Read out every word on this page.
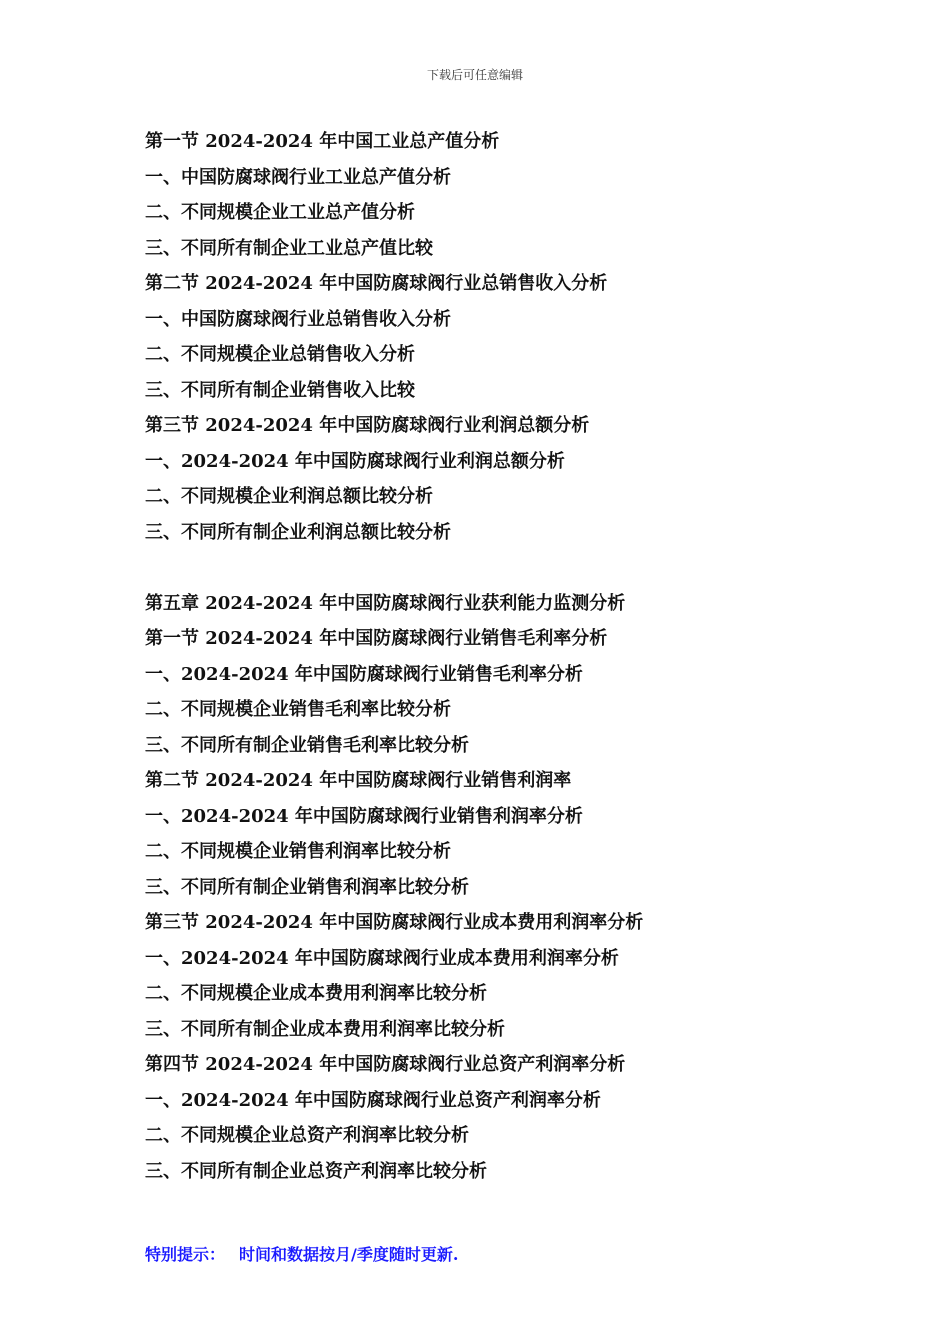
下载后可任意编辑
第一节 2024-2024 年中国工业总产值分析
一、中国防腐球阀行业工业总产值分析
二、不同规模企业工业总产值分析
三、不同所有制企业工业总产值比较
第二节 2024-2024 年中国防腐球阀行业总销售收入分析
一、中国防腐球阀行业总销售收入分析
二、不同规模企业总销售收入分析
三、不同所有制企业销售收入比较
第三节 2024-2024 年中国防腐球阀行业利润总额分析
一、2024-2024 年中国防腐球阀行业利润总额分析
二、不同规模企业利润总额比较分析
三、不同所有制企业利润总额比较分析
第五章 2024-2024 年中国防腐球阀行业获利能力监测分析
第一节 2024-2024 年中国防腐球阀行业销售毛利率分析
一、2024-2024 年中国防腐球阀行业销售毛利率分析
二、不同规模企业销售毛利率比较分析
三、不同所有制企业销售毛利率比较分析
第二节 2024-2024 年中国防腐球阀行业销售利润率
一、2024-2024 年中国防腐球阀行业销售利润率分析
二、不同规模企业销售利润率比较分析
三、不同所有制企业销售利润率比较分析
第三节 2024-2024 年中国防腐球阀行业成本费用利润率分析
一、2024-2024 年中国防腐球阀行业成本费用利润率分析
二、不同规模企业成本费用利润率比较分析
三、不同所有制企业成本费用利润率比较分析
第四节 2024-2024 年中国防腐球阀行业总资产利润率分析
一、2024-2024 年中国防腐球阀行业总资产利润率分析
二、不同规模企业总资产利润率比较分析
三、不同所有制企业总资产利润率比较分析
特别提示： 时间和数据按月/季度随时更新.
